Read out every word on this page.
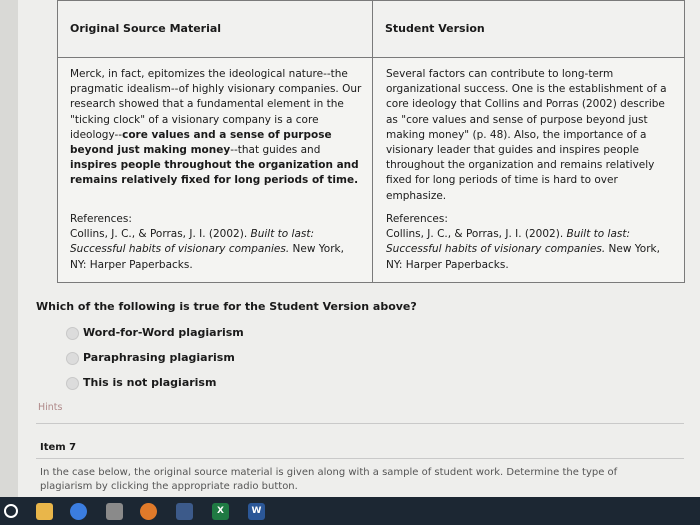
Original Source Material	Student Version
Merck, in fact, epitomizes the ideological nature--the pragmatic idealism--of highly visionary companies. Our research showed that a fundamental element in the "ticking clock" of a visionary company is a core ideology--core values and a sense of purpose beyond just making money--that guides and inspires people throughout the organization and remains relatively fixed for long periods of time.
References:
Collins, J. C., & Porras, J. I. (2002). Built to last: Successful habits of visionary companies. New York, NY: Harper Paperbacks.
Several factors can contribute to long-term organizational success. One is the establishment of a core ideology that Collins and Porras (2002) describe as "core values and sense of purpose beyond just making money" (p. 48). Also, the importance of a visionary leader that guides and inspires people throughout the organization and remains relatively fixed for long periods of time is hard to over emphasize.
References:
Collins, J. C., & Porras, J. I. (2002). Built to last: Successful habits of visionary companies. New York, NY: Harper Paperbacks.
Which of the following is true for the Student Version above?
Word-for-Word plagiarism
Paraphrasing plagiarism
This is not plagiarism
Hints
Item 7
In the case below, the original source material is given along with a sample of student work. Determine the type of plagiarism by clicking the appropriate radio button.
X	W
